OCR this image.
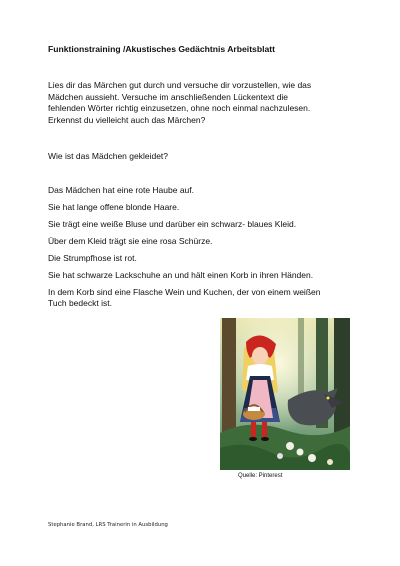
Funktionstraining /Akustisches Gedächtnis Arbeitsblatt
Lies dir das Märchen gut durch und versuche dir vorzustellen, wie das
Mädchen aussieht. Versuche im anschließenden Lückentext die
fehlenden Wörter richtig einzusetzen, ohne noch einmal nachzulesen.
Erkennst du vielleicht auch das Märchen?
Wie ist das Mädchen gekleidet?
Das Mädchen hat eine rote Haube auf.
Sie hat lange offene blonde Haare.
Sie trägt eine weiße Bluse und darüber ein schwarz- blaues Kleid.
Über dem Kleid trägt sie eine rosa Schürze.
Die Strumpfhose ist rot.
Sie hat schwarze Lackschuhe an und hält einen Korb in ihren Händen.
In dem Korb sind eine Flasche Wein und Kuchen, der von einem weißen
Tuch bedeckt ist.
Quelle: Pinterest
Stephanie Brand, LRS Trainerin in Ausbildung
